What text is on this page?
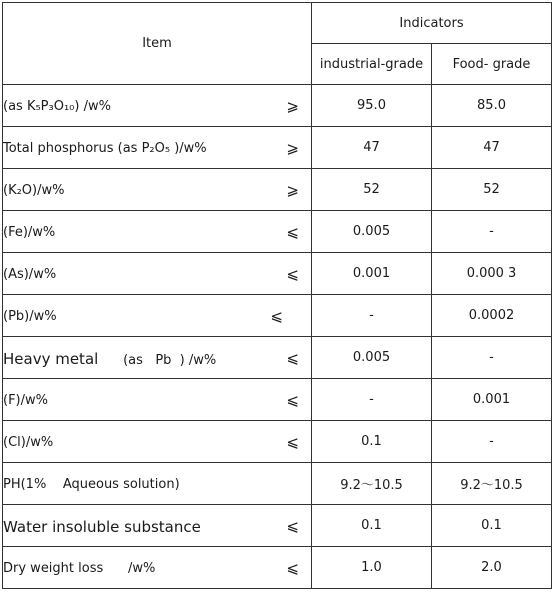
Item	Indicators	
	industrial-grade	Food- grade
(as K₅P₃O₁₀) /w% ⩾	95.0	85.0
Total phosphorus (as P₂O₅ )/w% ⩾	47	47
(K₂O)/w% ⩾	52	52
(Fe)/w% ⩽	0.005	-
(As)/w% ⩽	0.001	0.000 3
(Pb)/w% ⩽	-	0.0002
Heavy metal      (as   Pb  ) /w% ⩽	0.005	-
(F)/w% ⩽	-	0.001
(Cl)/w% ⩽	0.1	-
PH(1%    Aqueous solution)	9.2～10.5	9.2～10.5
Water insoluble substance ⩽	0.1	0.1
Dry weight loss      /w% ⩽	1.0	2.0
